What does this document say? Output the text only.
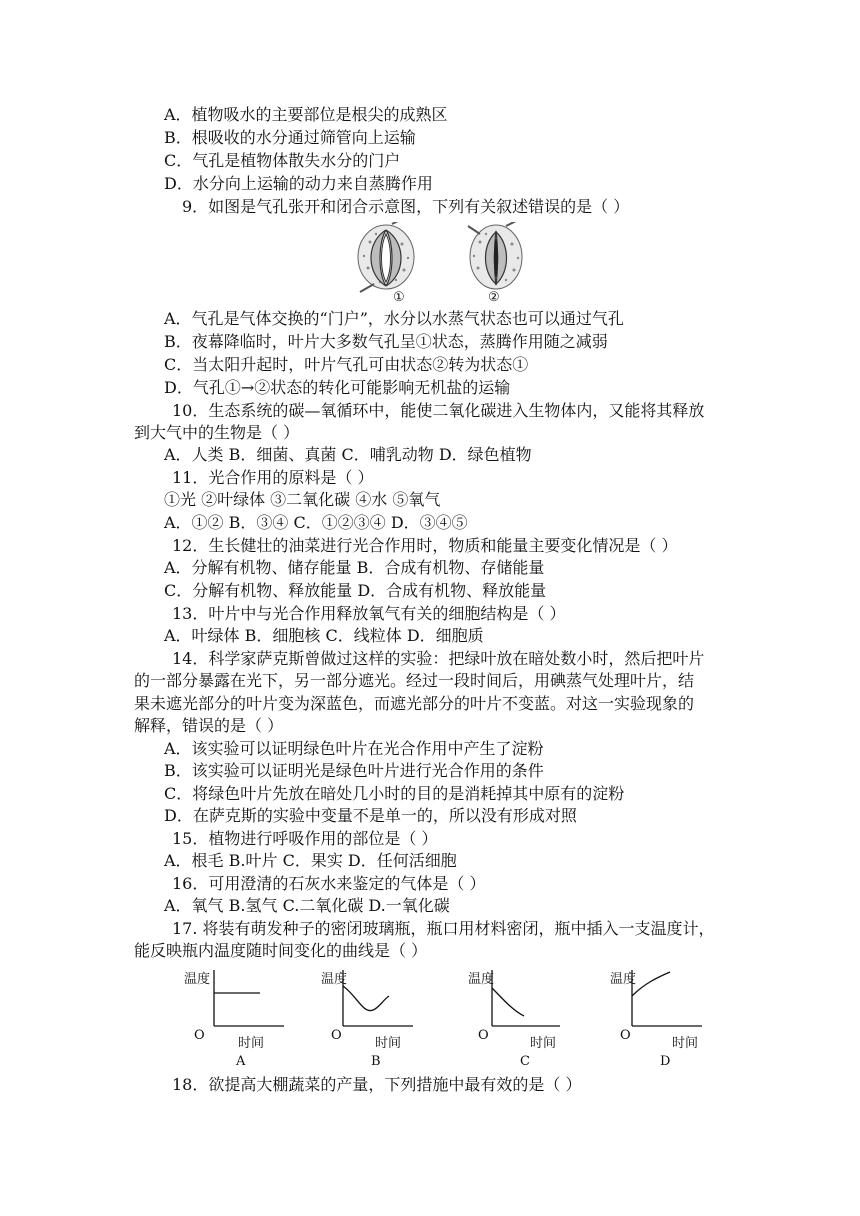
A．植物吸水的主要部位是根尖的成熟区
B．根吸收的水分通过筛管向上运输
C．气孔是植物体散失水分的门户
D．水分向上运输的动力来自蒸腾作用
9．如图是气孔张开和闭合示意图，下列有关叙述错误的是（ ）
①	②
A．气孔是气体交换的“门户”，水分以水蒸气状态也可以通过气孔
B．夜幕降临时，叶片大多数气孔呈①状态，蒸腾作用随之减弱
C．当太阳升起时，叶片气孔可由状态②转为状态①
D．气孔①→②状态的转化可能影响无机盐的运输
10．生态系统的碳—氧循环中，能使二氧化碳进入生物体内，又能将其释放
到大气中的生物是（ ）
A．人类 B．细菌、真菌 C．哺乳动物 D．绿色植物
11．光合作用的原料是（ ）
①光 ②叶绿体 ③二氧化碳 ④水 ⑤氧气
A．①② B．③④ C．①②③④ D．③④⑤
12．生长健壮的油菜进行光合作用时，物质和能量主要变化情况是（ ）
A．分解有机物、储存能量 B．合成有机物、存储能量
C．分解有机物、释放能量 D．合成有机物、释放能量
13．叶片中与光合作用释放氧气有关的细胞结构是（ ）
A．叶绿体 B．细胞核 C．线粒体 D．细胞质
14．科学家萨克斯曾做过这样的实验：把绿叶放在暗处数小时，然后把叶片
的一部分暴露在光下，另一部分遮光。经过一段时间后，用碘蒸气处理叶片，结
果未遮光部分的叶片变为深蓝色，而遮光部分的叶片不变蓝。对这一实验现象的
解释，错误的是（ ）
A．该实验可以证明绿色叶片在光合作用中产生了淀粉
B．该实验可以证明光是绿色叶片进行光合作用的条件
C．将绿色叶片先放在暗处几小时的目的是消耗掉其中原有的淀粉
D．在萨克斯的实验中变量不是单一的，所以没有形成对照
15．植物进行呼吸作用的部位是（ ）
A．根毛 B.叶片 C．果实 D．任何活细胞
16．可用澄清的石灰水来鉴定的气体是（ ）
A．氧气 B.氢气 C.二氧化碳 D.一氧化碳
17. 将装有萌发种子的密闭玻璃瓶，瓶口用材料密闭，瓶中插入一支温度计，
能反映瓶内温度随时间变化的曲线是（ ）
温度
O
时间
A
温度
O
时间
B
温度
O
时间
C
温度
O
时间
D
18．欲提高大棚蔬菜的产量，下列措施中最有效的是（ ）
